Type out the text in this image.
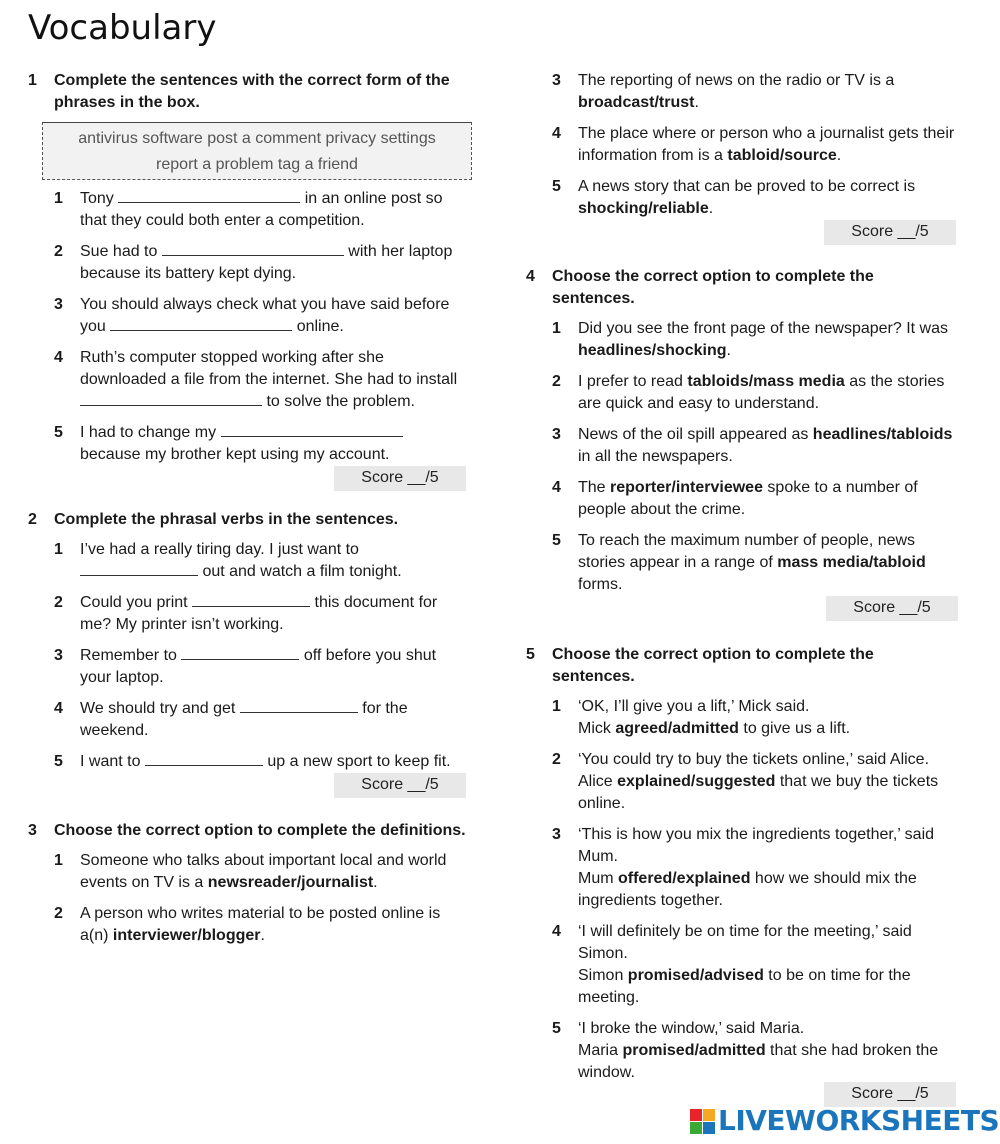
Vocabulary
1 Complete the sentences with the correct form of the phrases in the box.
antivirus software post a comment privacy settings
report a problem tag a friend
1 Tony	in an online post so that they could both enter a competition.
2 Sue had to	with her laptop because its battery kept dying.
3 You should always check what you have said before you	online.
4 Ruth’s computer stopped working after she downloaded a file from the internet. She had to install  to solve the problem.
5 I had to change my  because my brother kept using my account.
Score __/5
2 Complete the phrasal verbs in the sentences.
1 I’ve had a really tiring day. I just want to  out and watch a film tonight.
2 Could you print	this document for me? My printer isn’t working.
3 Remember to	off before you shut your laptop.
4 We should try and get	for the weekend.
5 I want to	up a new sport to keep fit.
Score __/5
3 Choose the correct option to complete the definitions.
1 Someone who talks about important local and world events on TV is a newsreader/journalist.
2 A person who writes material to be posted online is a(n) interviewer/blogger.
3 The reporting of news on the radio or TV is a broadcast/trust.
4 The place where or person who a journalist gets their information from is a tabloid/source.
5 A news story that can be proved to be correct is shocking/reliable.
Score __/5
4 Choose the correct option to complete the sentences.
1 Did you see the front page of the newspaper? It was headlines/shocking.
2 I prefer to read tabloids/mass media as the stories are quick and easy to understand.
3 News of the oil spill appeared as headlines/tabloids in all the newspapers.
4 The reporter/interviewee spoke to a number of people about the crime.
5 To reach the maximum number of people, news stories appear in a range of mass media/tabloid forms.
Score __/5
5 Choose the correct option to complete the sentences.
1 ‘OK, I’ll give you a lift,’ Mick said.
Mick agreed/admitted to give us a lift.
2 ‘You could try to buy the tickets online,’ said Alice.
Alice explained/suggested that we buy the tickets online.
3 ‘This is how you mix the ingredients together,’ said Mum.
Mum offered/explained how we should mix the ingredients together.
4 ‘I will definitely be on time for the meeting,’ said Simon.
Simon promised/advised to be on time for the meeting.
5 ‘I broke the window,’ said Maria.
Maria promised/admitted that she had broken the window.
Score __/5
LIVEWORKSHEETS
